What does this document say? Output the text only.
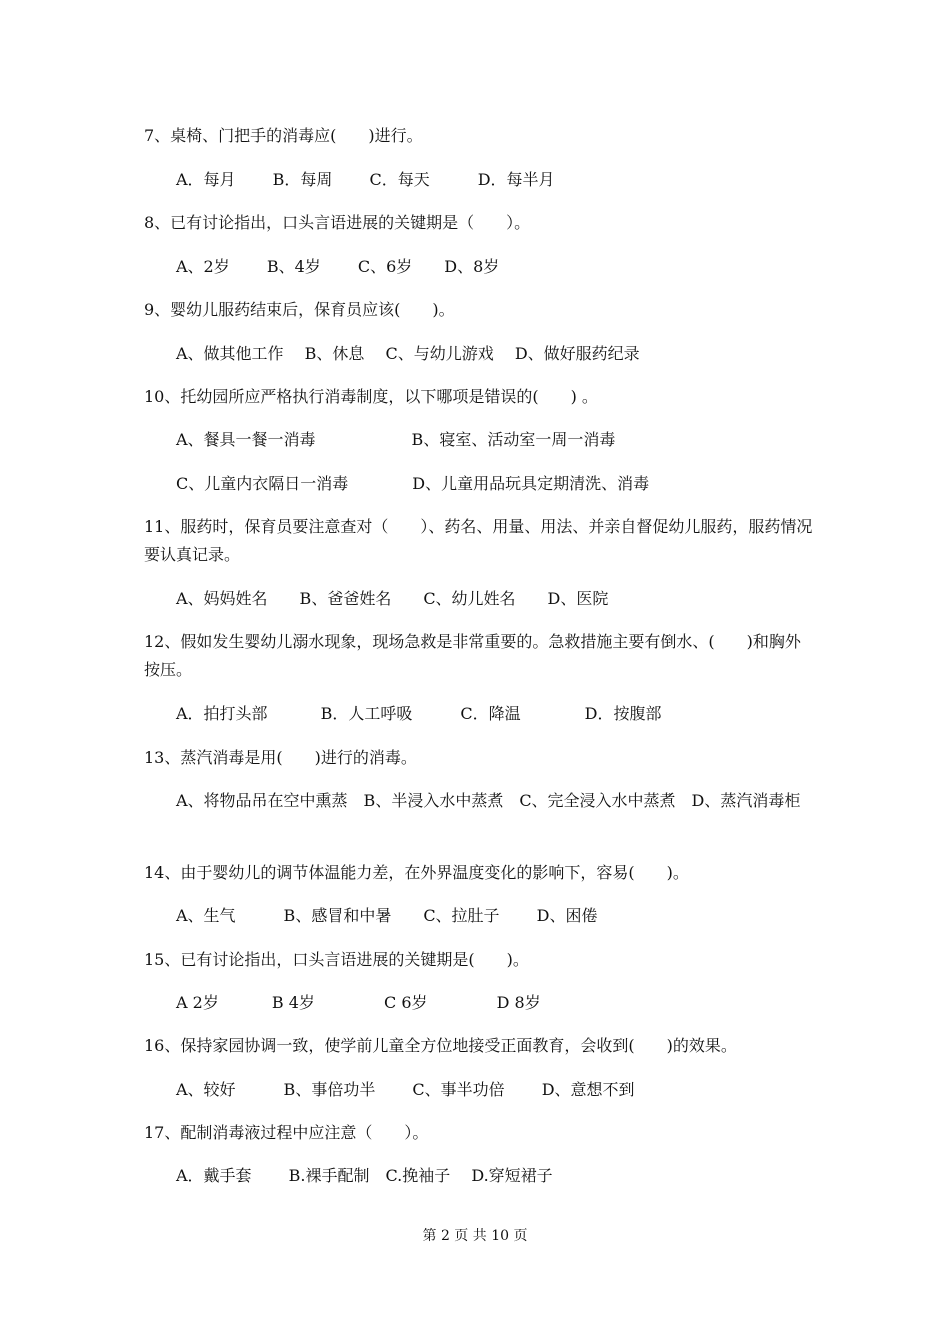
7、桌椅、门把手的消毒应(　　)进行。

A．每月　　 B．每周　　 C．每天　　　D．每半月

8、已有讨论指出，口头言语进展的关键期是（　　）。

A、2岁　　 B、4岁　　 C、6岁　　D、8岁

9、婴幼儿服药结束后，保育员应该(　　)。

A、做其他工作　 B、休息　 C、与幼儿游戏　 D、做好服药纪录

10、托幼园所应严格执行消毒制度，以下哪项是错误的(　　) 。

A、餐具一餐一消毒　　　　　　B、寝室、活动室一周一消毒

C、儿童内衣隔日一消毒　　　　D、儿童用品玩具定期清洗、消毒

11、服药时，保育员要注意查对（　　）、药名、用量、用法、并亲自督促幼儿服药，服药情况要认真记录。

A、妈妈姓名　　B、爸爸姓名　　C、幼儿姓名　　D、医院

12、假如发生婴幼儿溺水现象，现场急救是非常重要的。急救措施主要有倒水、(　　)和胸外按压。

A．拍打头部　　　 B．人工呼吸　　　C．降温　　　　D．按腹部

13、蒸汽消毒是用(　　)进行的消毒。

A、将物品吊在空中熏蒸　B、半浸入水中蒸煮　C、完全浸入水中蒸煮　D、蒸汽消毒柜

14、由于婴幼儿的调节体温能力差，在外界温度变化的影响下，容易(　　)。

A、生气　　　B、感冒和中暑　　C、拉肚子　　 D、困倦

15、已有讨论指出，口头言语进展的关键期是(　　)。

A 2岁　　　 B 4岁　　　　 C 6岁　　　　 D 8岁

16、保持家园协调一致，使学前儿童全方位地接受正面教育，会收到(　　)的效果。

A、较好　　　B、事倍功半　　 C、事半功倍　　 D、意想不到

17、配制消毒液过程中应注意（　　）。

A．戴手套　　 B.裸手配制　C.挽袖子　 D.穿短裙子

第 2 页 共 10 页
